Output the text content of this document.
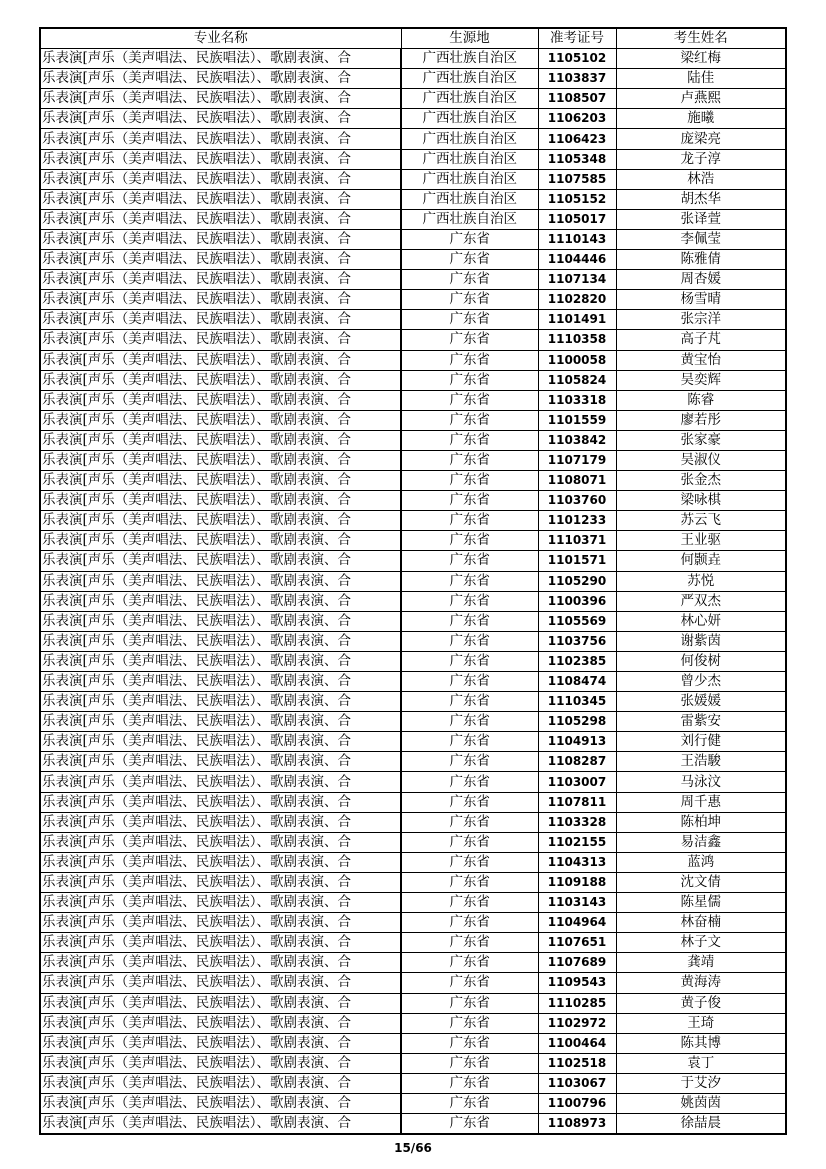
专业名称	生源地	准考证号	考生姓名
乐表演[声乐（美声唱法、民族唱法）、歌剧表演、合	广西壮族自治区	1105102	梁红梅
乐表演[声乐（美声唱法、民族唱法）、歌剧表演、合	广西壮族自治区	1103837	陆佳
乐表演[声乐（美声唱法、民族唱法）、歌剧表演、合	广西壮族自治区	1108507	卢燕熙
乐表演[声乐（美声唱法、民族唱法）、歌剧表演、合	广西壮族自治区	1106203	施曦
乐表演[声乐（美声唱法、民族唱法）、歌剧表演、合	广西壮族自治区	1106423	庞梁亮
乐表演[声乐（美声唱法、民族唱法）、歌剧表演、合	广西壮族自治区	1105348	龙子淳
乐表演[声乐（美声唱法、民族唱法）、歌剧表演、合	广西壮族自治区	1107585	林浩
乐表演[声乐（美声唱法、民族唱法）、歌剧表演、合	广西壮族自治区	1105152	胡杰华
乐表演[声乐（美声唱法、民族唱法）、歌剧表演、合	广西壮族自治区	1105017	张译萱
乐表演[声乐（美声唱法、民族唱法）、歌剧表演、合	广东省	1110143	李佩莹
乐表演[声乐（美声唱法、民族唱法）、歌剧表演、合	广东省	1104446	陈雅倩
乐表演[声乐（美声唱法、民族唱法）、歌剧表演、合	广东省	1107134	周杏媛
乐表演[声乐（美声唱法、民族唱法）、歌剧表演、合	广东省	1102820	杨雪晴
乐表演[声乐（美声唱法、民族唱法）、歌剧表演、合	广东省	1101491	张宗洋
乐表演[声乐（美声唱法、民族唱法）、歌剧表演、合	广东省	1110358	高子芃
乐表演[声乐（美声唱法、民族唱法）、歌剧表演、合	广东省	1100058	黄宝怡
乐表演[声乐（美声唱法、民族唱法）、歌剧表演、合	广东省	1105824	吴奕辉
乐表演[声乐（美声唱法、民族唱法）、歌剧表演、合	广东省	1103318	陈睿
乐表演[声乐（美声唱法、民族唱法）、歌剧表演、合	广东省	1101559	廖若彤
乐表演[声乐（美声唱法、民族唱法）、歌剧表演、合	广东省	1103842	张家豪
乐表演[声乐（美声唱法、民族唱法）、歌剧表演、合	广东省	1107179	吴淑仪
乐表演[声乐（美声唱法、民族唱法）、歌剧表演、合	广东省	1108071	张金杰
乐表演[声乐（美声唱法、民族唱法）、歌剧表演、合	广东省	1103760	梁咏棋
乐表演[声乐（美声唱法、民族唱法）、歌剧表演、合	广东省	1101233	苏云飞
乐表演[声乐（美声唱法、民族唱法）、歌剧表演、合	广东省	1110371	王业驱
乐表演[声乐（美声唱法、民族唱法）、歌剧表演、合	广东省	1101571	何颢垚
乐表演[声乐（美声唱法、民族唱法）、歌剧表演、合	广东省	1105290	苏悦
乐表演[声乐（美声唱法、民族唱法）、歌剧表演、合	广东省	1100396	严双杰
乐表演[声乐（美声唱法、民族唱法）、歌剧表演、合	广东省	1105569	林心妍
乐表演[声乐（美声唱法、民族唱法）、歌剧表演、合	广东省	1103756	谢紫茵
乐表演[声乐（美声唱法、民族唱法）、歌剧表演、合	广东省	1102385	何俊树
乐表演[声乐（美声唱法、民族唱法）、歌剧表演、合	广东省	1108474	曾少杰
乐表演[声乐（美声唱法、民族唱法）、歌剧表演、合	广东省	1110345	张媛媛
乐表演[声乐（美声唱法、民族唱法）、歌剧表演、合	广东省	1105298	雷紫安
乐表演[声乐（美声唱法、民族唱法）、歌剧表演、合	广东省	1104913	刘行健
乐表演[声乐（美声唱法、民族唱法）、歌剧表演、合	广东省	1108287	王浩駿
乐表演[声乐（美声唱法、民族唱法）、歌剧表演、合	广东省	1103007	马泳汶
乐表演[声乐（美声唱法、民族唱法）、歌剧表演、合	广东省	1107811	周千惠
乐表演[声乐（美声唱法、民族唱法）、歌剧表演、合	广东省	1103328	陈柏坤
乐表演[声乐（美声唱法、民族唱法）、歌剧表演、合	广东省	1102155	易洁鑫
乐表演[声乐（美声唱法、民族唱法）、歌剧表演、合	广东省	1104313	蓝鸿
乐表演[声乐（美声唱法、民族唱法）、歌剧表演、合	广东省	1109188	沈文倩
乐表演[声乐（美声唱法、民族唱法）、歌剧表演、合	广东省	1103143	陈星儒
乐表演[声乐（美声唱法、民族唱法）、歌剧表演、合	广东省	1104964	林奋楠
乐表演[声乐（美声唱法、民族唱法）、歌剧表演、合	广东省	1107651	林子文
乐表演[声乐（美声唱法、民族唱法）、歌剧表演、合	广东省	1107689	龚靖
乐表演[声乐（美声唱法、民族唱法）、歌剧表演、合	广东省	1109543	黄海涛
乐表演[声乐（美声唱法、民族唱法）、歌剧表演、合	广东省	1110285	黄子俊
乐表演[声乐（美声唱法、民族唱法）、歌剧表演、合	广东省	1102972	王琦
乐表演[声乐（美声唱法、民族唱法）、歌剧表演、合	广东省	1100464	陈其博
乐表演[声乐（美声唱法、民族唱法）、歌剧表演、合	广东省	1102518	袁丁
乐表演[声乐（美声唱法、民族唱法）、歌剧表演、合	广东省	1103067	于艾汐
乐表演[声乐（美声唱法、民族唱法）、歌剧表演、合	广东省	1100796	姚茵茵
乐表演[声乐（美声唱法、民族唱法）、歌剧表演、合	广东省	1108973	徐喆晨
15/66
